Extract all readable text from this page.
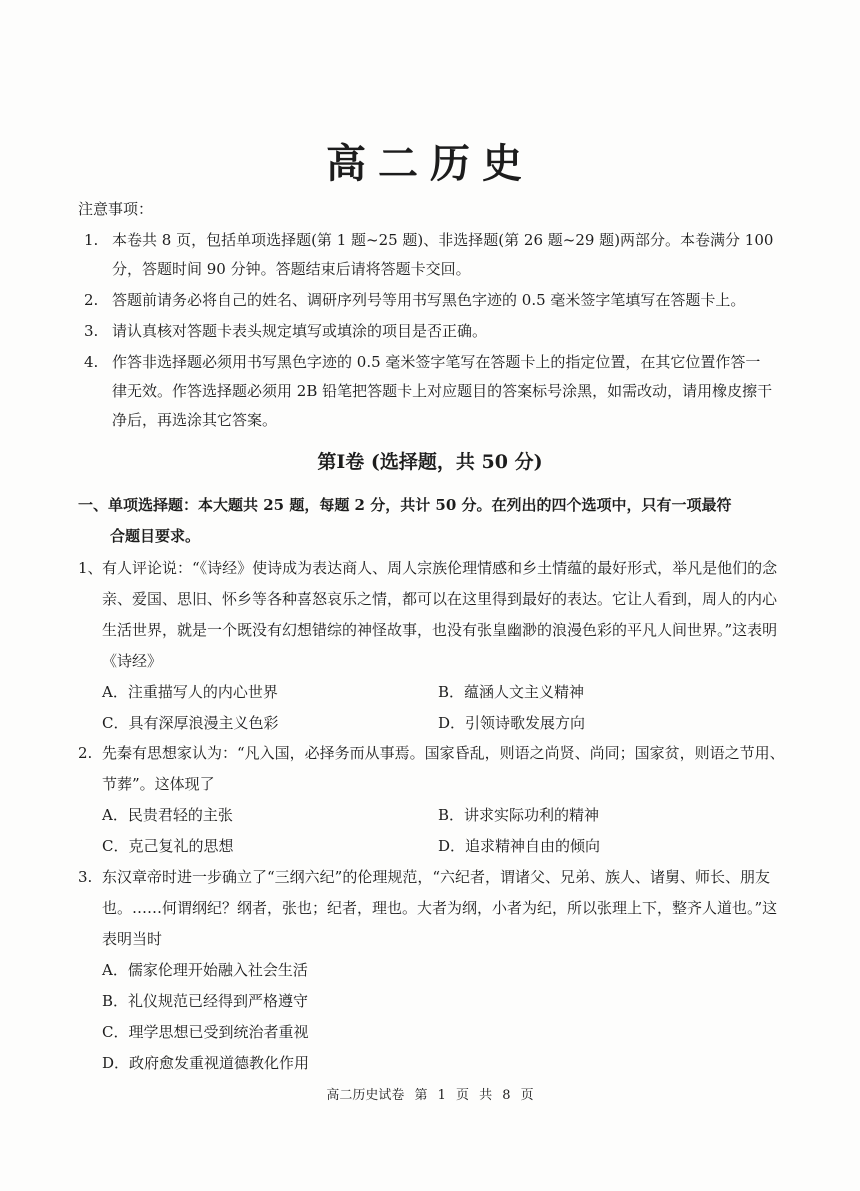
高二历史
注意事项：
1. 本卷共 8 页，包括单项选择题(第 1 题~25 题)、非选择题(第 26 题~29 题)两部分。本卷满分 100 分，答题时间 90 分钟。答题结束后请将答题卡交回。
2. 答题前请务必将自己的姓名、调研序列号等用书写黑色字迹的 0.5 毫米签字笔填写在答题卡上。
3. 请认真核对答题卡表头规定填写或填涂的项目是否正确。
4. 作答非选择题必须用书写黑色字迹的 0.5 毫米签字笔写在答题卡上的指定位置，在其它位置作答一律无效。作答选择题必须用 2B 铅笔把答题卡上对应题目的答案标号涂黑，如需改动，请用橡皮擦干净后，再选涂其它答案。
第Ⅰ卷 (选择题，共 50 分)
一、单项选择题：本大题共 25 题，每题 2 分，共计 50 分。在列出的四个选项中，只有一项最符
合题目要求。
1、 有人评论说：“《诗经》使诗成为表达商人、周人宗族伦理情感和乡土情蕴的最好形式，举凡是他们的念亲、爱国、思旧、怀乡等各种喜怒哀乐之情，都可以在这里得到最好的表达。它让人看到，周人的内心生活世界，就是一个既没有幻想错综的神怪故事，也没有张皇幽渺的浪漫色彩的平凡人间世界。”这表明《诗经》
A．注重描写人的内心世界	B．蕴涵人文主义精神
C．具有深厚浪漫主义色彩	D．引领诗歌发展方向
2. 先秦有思想家认为：“凡入国，必择务而从事焉。国家昏乱，则语之尚贤、尚同；国家贫，则语之节用、节葬”。这体现了
A．民贵君轻的主张	B．讲求实际功利的精神
C．克己复礼的思想	D．追求精神自由的倾向
3. 东汉章帝时进一步确立了“三纲六纪”的伦理规范，“六纪者，谓诸父、兄弟、族人、诸舅、师长、朋友也。……何谓纲纪？纲者，张也；纪者，理也。大者为纲，小者为纪，所以张理上下，整齐人道也。”这表明当时
A．儒家伦理开始融入社会生活
B．礼仪规范已经得到严格遵守
C．理学思想已受到统治者重视
D．政府愈发重视道德教化作用
高二历史试卷 第 1 页 共 8 页
